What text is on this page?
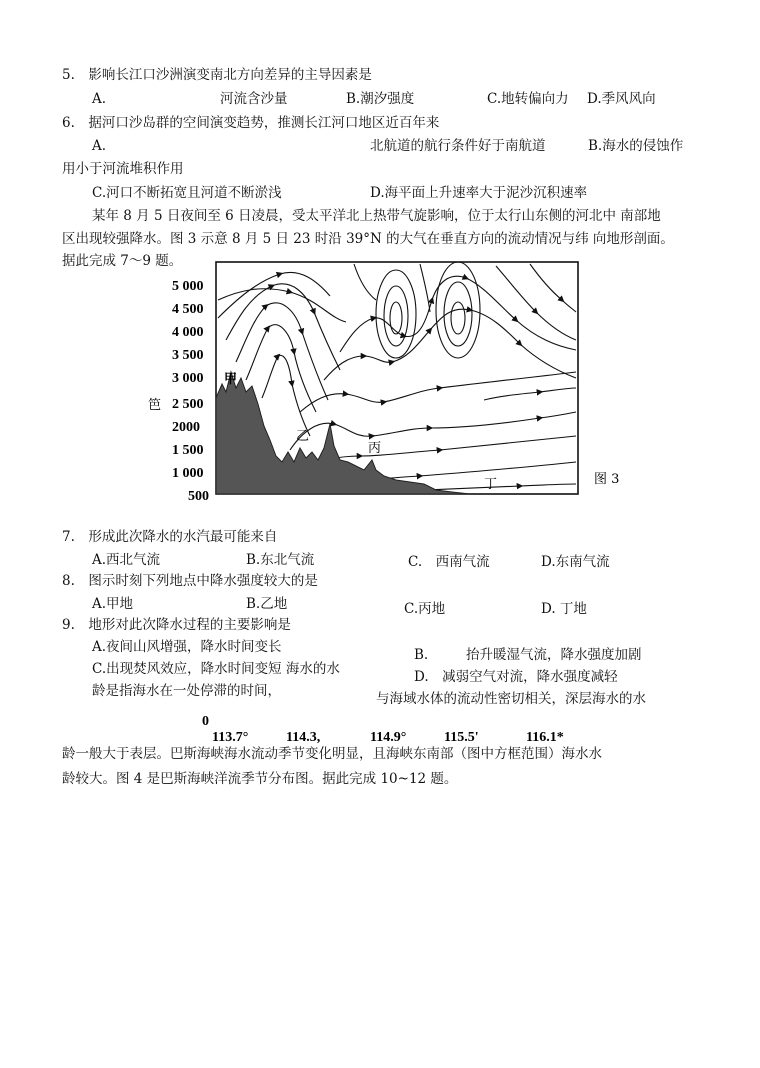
5.　影响长江口沙洲演变南北方向差异的主导因素是
A.	河流含沙量	B.潮汐强度	C.地转偏向力 D.季风风向
6.　据河口沙岛群的空间演变趋势，推测长江河口地区近百年来
A.	北航道的航行条件好于南航道	B.海水的侵蚀作
用小于河流堆积作用
C.河口不断拓宽且河道不断淤浅	D.海平面上升速率大于泥沙沉积速率
某年 8 月 5 日夜间至 6 日凌晨，受太平洋北上热带气旋影响，位于太行山东侧的河北中 南部地
区出现较强降水。图 3 示意 8 月 5 日 23 时沿 39°N 的大气在垂直方向的流动情况与纬 向地形剖面。
据此完成 7〜9 题。
5 000
4 500
4 000
3 500
3 000
2 500
2000
1 500
1 000
500
笆
甲
乙
丙
丁	图 3
0
113.7°	114.3,	114.9°	115.5'	116.1*
7.　形成此次降水的水汽最可能来自
A.西北气流	B.东北气流	C.　西南气流	D.东南气流
8.　图示时刻下列地点中降水强度较大的是
A.甲地	B.乙地	C.丙地	D. 丁地
9.　地形对此次降水过程的主要影响是
A.夜间山风增强，降水时间变长	B.	抬升暖湿气流，降水强度加剧
C.出现焚风效应，降水时间变短 海水的水	D.　减弱空气对流，降水强度减轻
龄是指海水在一处停滞的时间，	与海域水体的流动性密切相关，深层海水的水
龄一般大于表层。巴斯海峡海水流动季节变化明显，且海峡东南部（图中方框范围）海水水
龄较大。图 4 是巴斯海峡洋流季节分布图。据此完成 10~12 题。
